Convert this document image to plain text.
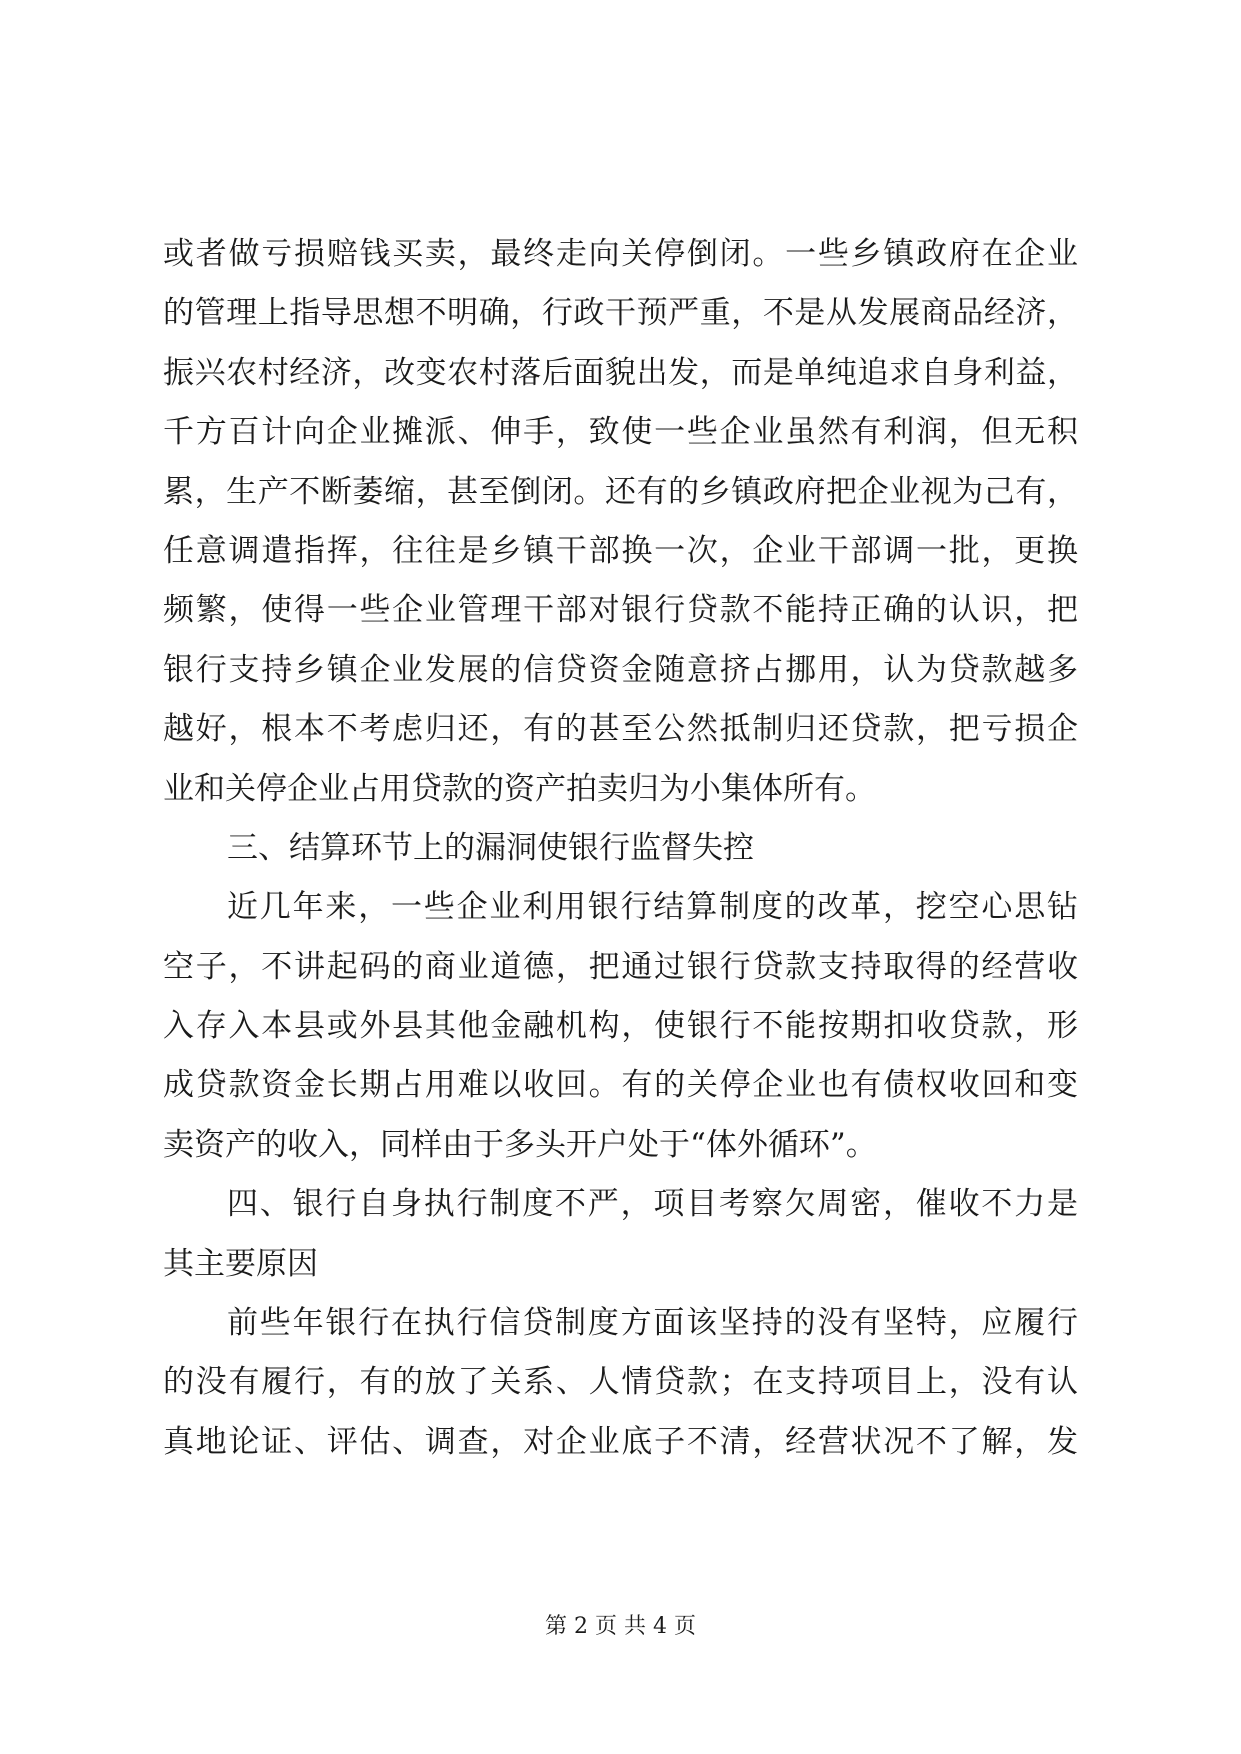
或者做亏损赔钱买卖，最终走向关停倒闭。一些乡镇政府在企业
的管理上指导思想不明确，行政干预严重，不是从发展商品经济，
振兴农村经济，改变农村落后面貌出发，而是单纯追求自身利益，
千方百计向企业摊派、伸手，致使一些企业虽然有利润，但无积
累，生产不断萎缩，甚至倒闭。还有的乡镇政府把企业视为己有，
任意调遣指挥，往往是乡镇干部换一次，企业干部调一批，更换
频繁，使得一些企业管理干部对银行贷款不能持正确的认识，把
银行支持乡镇企业发展的信贷资金随意挤占挪用，认为贷款越多
越好，根本不考虑归还，有的甚至公然抵制归还贷款，把亏损企
业和关停企业占用贷款的资产拍卖归为小集体所有。
三、结算环节上的漏洞使银行监督失控
近几年来，一些企业利用银行结算制度的改革，挖空心思钻
空子，不讲起码的商业道德，把通过银行贷款支持取得的经营收
入存入本县或外县其他金融机构，使银行不能按期扣收贷款，形
成贷款资金长期占用难以收回。有的关停企业也有债权收回和变
卖资产的收入，同样由于多头开户处于“体外循环”。
四、银行自身执行制度不严，项目考察欠周密，催收不力是
其主要原因
前些年银行在执行信贷制度方面该坚持的没有坚特，应履行
的没有履行，有的放了关系、人情贷款；在支持项目上，没有认
真地论证、评估、调查，对企业底子不清，经营状况不了解，发
第 2 页 共 4 页
